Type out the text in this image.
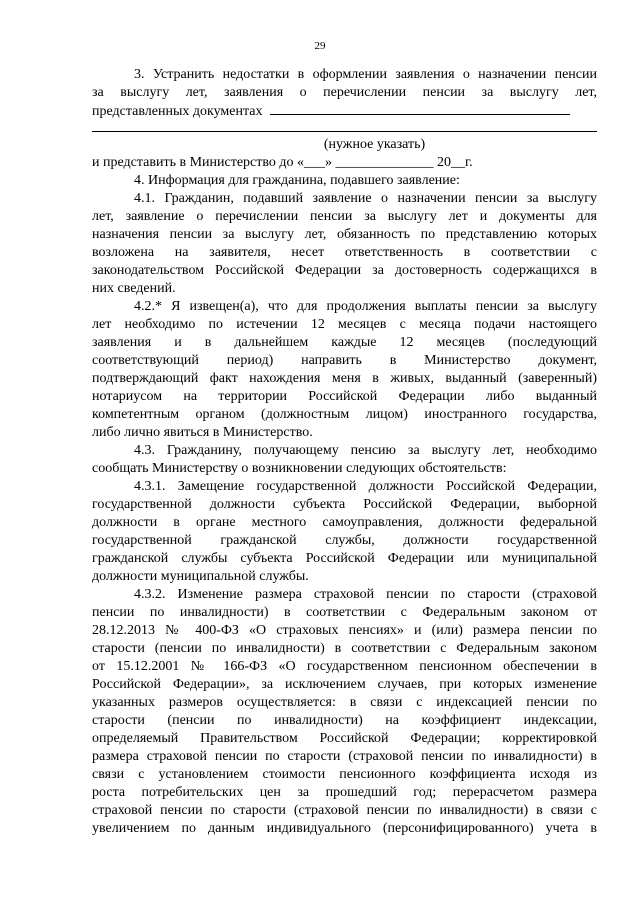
29
3. Устранить недостатки в оформлении заявления о назначении пенсии
за выслугу лет, заявления о перечислении пенсии за выслугу лет,
представленных документах
(нужное указать)
и представить в Министерство до «___» ______________ 20__г.
4. Информация для гражданина, подавшего заявление:
4.1. Гражданин, подавший заявление о назначении пенсии за выслугу
лет, заявление о перечислении пенсии за выслугу лет и документы для
назначения пенсии за выслугу лет, обязанность по представлению которых
возложена на заявителя, несет ответственность в соответствии с
законодательством Российской Федерации за достоверность содержащихся в
них сведений.
4.2.* Я извещен(а), что для продолжения выплаты пенсии за выслугу
лет необходимо по истечении 12 месяцев с месяца подачи настоящего
заявления и в дальнейшем каждые 12 месяцев (последующий
соответствующий период) направить в Министерство документ,
подтверждающий факт нахождения меня в живых, выданный (заверенный)
нотариусом на территории Российской Федерации либо выданный
компетентным органом (должностным лицом) иностранного государства,
либо лично явиться в Министерство.
4.3. Гражданину, получающему пенсию за выслугу лет, необходимо
сообщать Министерству о возникновении следующих обстоятельств:
4.3.1. Замещение государственной должности Российской Федерации,
государственной должности субъекта Российской Федерации, выборной
должности в органе местного самоуправления, должности федеральной
государственной гражданской службы, должности государственной
гражданской службы субъекта Российской Федерации или муниципальной
должности муниципальной службы.
4.3.2. Изменение размера страховой пенсии по старости (страховой
пенсии по инвалидности) в соответствии с Федеральным законом от
28.12.2013 № 400-ФЗ «О страховых пенсиях» и (или) размера пенсии по
старости (пенсии по инвалидности) в соответствии с Федеральным законом
от 15.12.2001 № 166-ФЗ «О государственном пенсионном обеспечении в
Российской Федерации», за исключением случаев, при которых изменение
указанных размеров осуществляется: в связи с индексацией пенсии по
старости (пенсии по инвалидности) на коэффициент индексации,
определяемый Правительством Российской Федерации; корректировкой
размера страховой пенсии по старости (страховой пенсии по инвалидности) в
связи с установлением стоимости пенсионного коэффициента исходя из
роста потребительских цен за прошедший год; перерасчетом размера
страховой пенсии по старости (страховой пенсии по инвалидности) в связи с
увеличением по данным индивидуального (персонифицированного) учета в
